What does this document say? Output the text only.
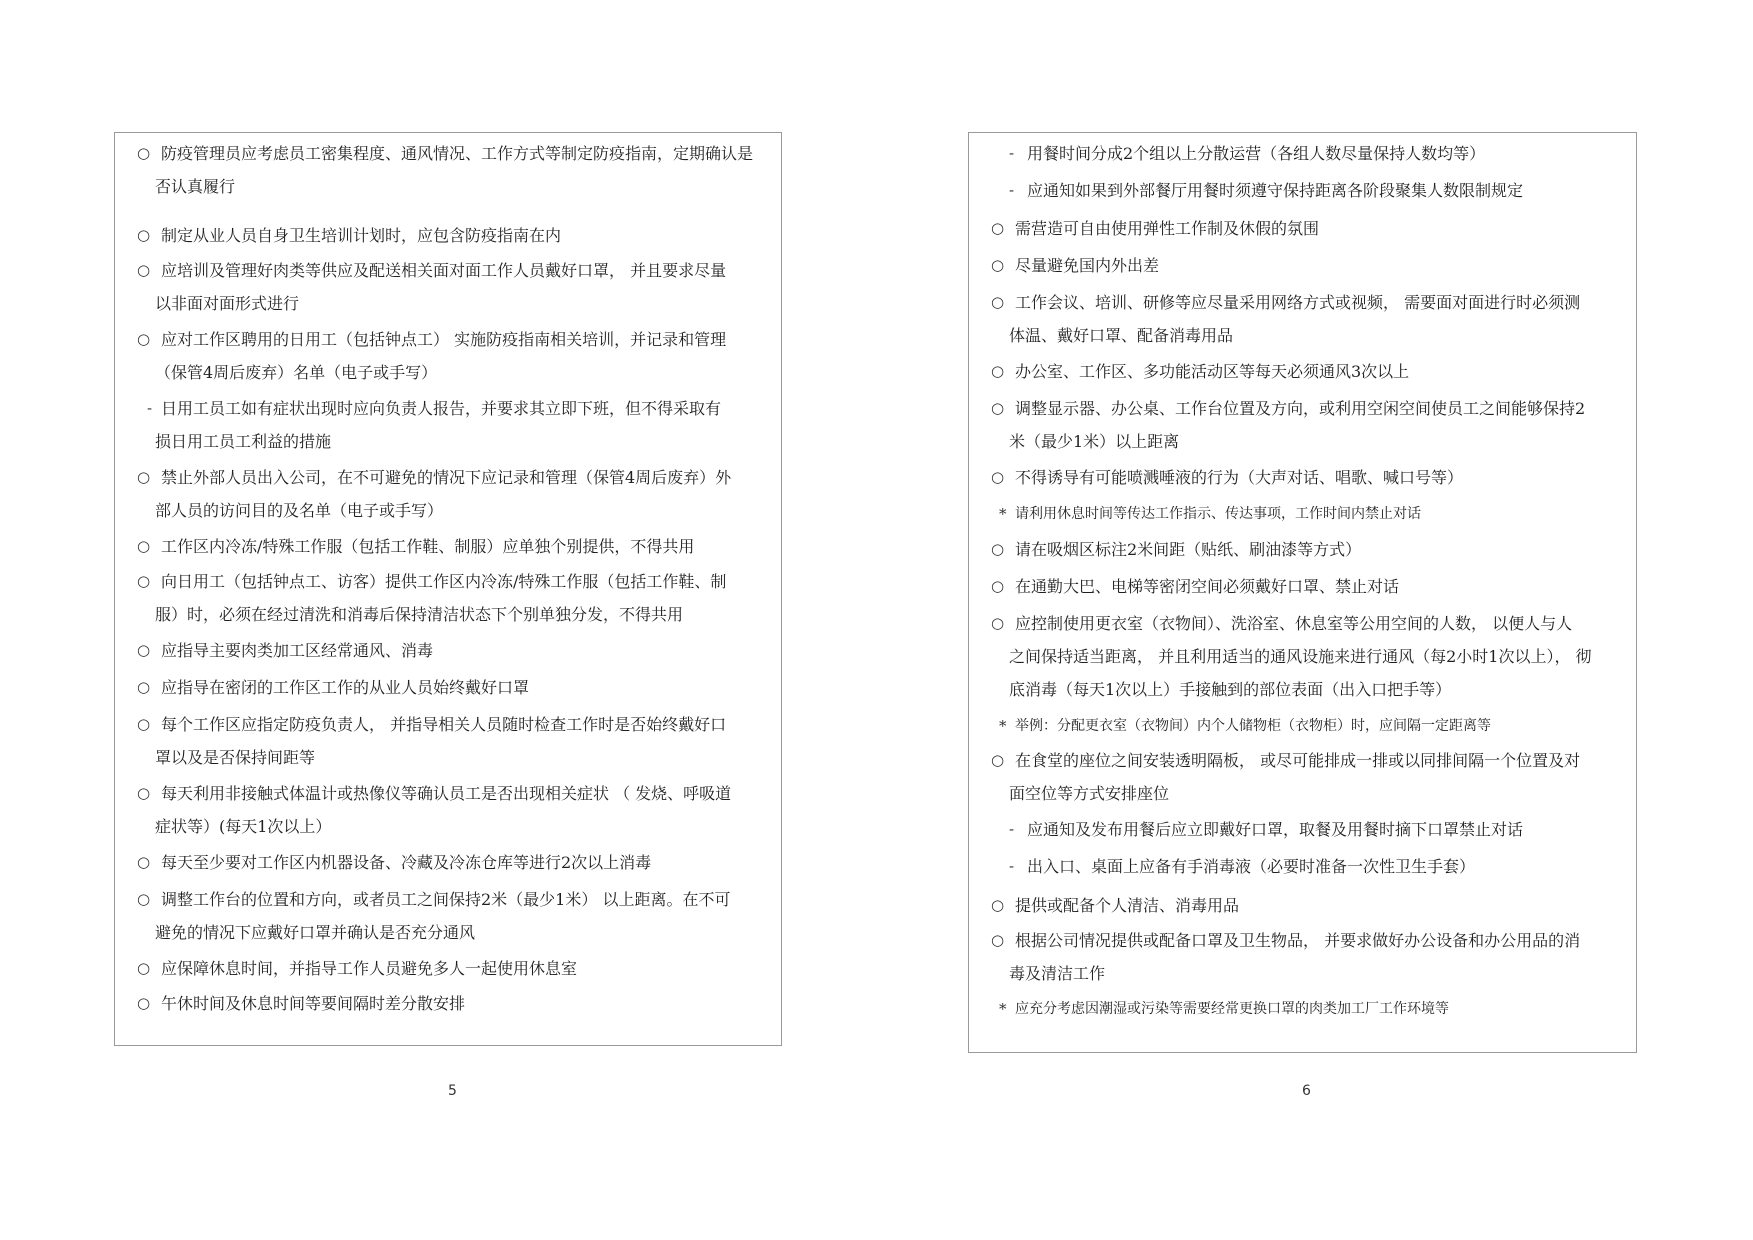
○ 防疫管理员应考虑员工密集程度、通风情况、工作方式等制定防疫指南，定期确认是
否认真履行
○ 制定从业人员自身卫生培训计划时，应包含防疫指南在内
○ 应培训及管理好肉类等供应及配送相关面对面工作人员戴好口罩， 并且要求尽量
以非面对面形式进行
○ 应对工作区聘用的日用工（包括钟点工） 实施防疫指南相关培训，并记录和管理
（保管4周后废弃）名单（电子或手写）
- 日用工员工如有症状出现时应向负责人报告，并要求其立即下班，但不得采取有
损日用工员工利益的措施
○ 禁止外部人员出入公司，在不可避免的情况下应记录和管理（保管4周后废弃）外
部人员的访问目的及名单（电子或手写）
○ 工作区内冷冻/特殊工作服（包括工作鞋、制服）应单独个别提供，不得共用
○ 向日用工（包括钟点工、访客）提供工作区内冷冻/特殊工作服（包括工作鞋、制
服）时，必须在经过清洗和消毒后保持清洁状态下个别单独分发，不得共用
○ 应指导主要肉类加工区经常通风、消毒
○ 应指导在密闭的工作区工作的从业人员始终戴好口罩
○ 每个工作区应指定防疫负责人， 并指导相关人员随时检查工作时是否始终戴好口
罩以及是否保持间距等
○ 每天利用非接触式体温计或热像仪等确认员工是否出现相关症状 （ 发烧、呼吸道
症状等）(每天1次以上）
○ 每天至少要对工作区内机器设备、冷藏及冷冻仓库等进行2次以上消毒
○ 调整工作台的位置和方向，或者员工之间保持2米（最少1米） 以上距离。在不可
避免的情况下应戴好口罩并确认是否充分通风
○ 应保障休息时间，并指导工作人员避免多人一起使用休息室
○ 午休时间及休息时间等要间隔时差分散安排
- 用餐时间分成2个组以上分散运营（各组人数尽量保持人数均等）
- 应通知如果到外部餐厅用餐时须遵守保持距离各阶段聚集人数限制规定
○ 需营造可自由使用弹性工作制及休假的氛围
○ 尽量避免国内外出差
○ 工作会议、培训、研修等应尽量采用网络方式或视频， 需要面对面进行时必须测
体温、戴好口罩、配备消毒用品
○ 办公室、工作区、多功能活动区等每天必须通风3次以上
○ 调整显示器、办公桌、工作台位置及方向，或利用空闲空间使员工之间能够保持2
米（最少1米）以上距离
○ 不得诱导有可能喷溅唾液的行为（大声对话、唱歌、喊口号等）
* 请利用休息时间等传达工作指示、传达事项，工作时间内禁止对话
○ 请在吸烟区标注2米间距（贴纸、刷油漆等方式）
○ 在通勤大巴、电梯等密闭空间必须戴好口罩、禁止对话
○ 应控制使用更衣室（衣物间）、洗浴室、休息室等公用空间的人数， 以便人与人
之间保持适当距离， 并且利用适当的通风设施来进行通风（每2小时1次以上）， 彻
底消毒（每天1次以上）手接触到的部位表面（出入口把手等）
* 举例：分配更衣室（衣物间）内个人储物柜（衣物柜）时，应间隔一定距离等
○ 在食堂的座位之间安装透明隔板， 或尽可能排成一排或以同排间隔一个位置及对
面空位等方式安排座位
- 应通知及发布用餐后应立即戴好口罩，取餐及用餐时摘下口罩禁止对话
- 出入口、桌面上应备有手消毒液（必要时准备一次性卫生手套）
○ 提供或配备个人清洁、消毒用品
○ 根据公司情况提供或配备口罩及卫生物品， 并要求做好办公设备和办公用品的消
毒及清洁工作
* 应充分考虑因潮湿或污染等需要经常更换口罩的肉类加工厂工作环境等
5	6
